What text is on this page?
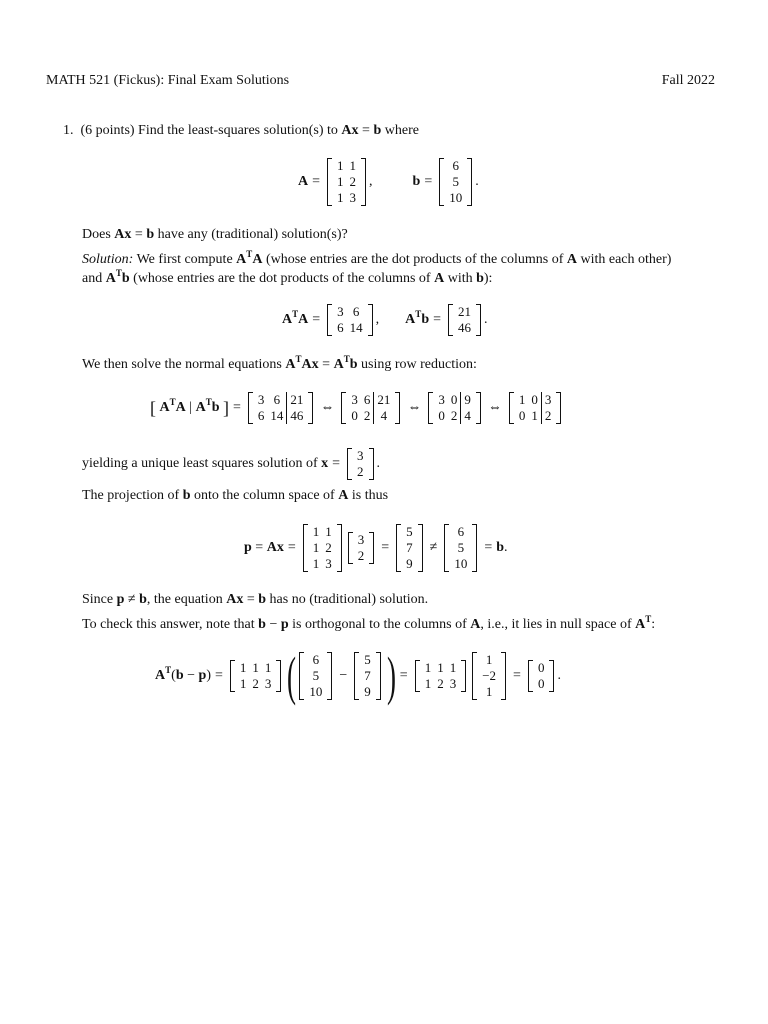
MATH 521 (Fickus): Final Exam Solutions	Fall 2022
1. (6 points) Find the least-squares solution(s) to Ax = b where
A =
1	1
1	2
1	3
,	b =
6
5
10
.
Does Ax = b have any (traditional) solution(s)?
Solution: We first compute $A^TA$ (whose entries are the dot products of the columns of A with each other)
and $A^Tb$ (whose entries are the dot products of the columns of A with b):
$A^TA$ =
3	6
6	14
, $A^Tb$ =
21
46
.
We then solve the normal equations $A^TAx = A^Tb$ using row reduction:
[
$A^TA$ | $A^Tb$
] =
3	6	21
6	14	46
⇔
3	6	21
0	2	4
⇔
3	0	9
0	2	4
⇔
1	0	3
0	1	2
yielding a unique least squares solution of
x =
3
2
.
The projection of b onto the column space of A is thus
p = Ax =
1	1
1	2
1	3
3
2
=
5
7
9
≠
6
5
10
= b .
Since p ≠ b, the equation Ax = b has no (traditional) solution.
To check this answer, note that b − p is orthogonal to the columns of A, i.e., it lies in null space of $A^T$:
$A^T$ ( b − p ) =
1	1	1
1	2	3 ( 6
5
10
−
5
7
9 ) =
1	1	1
1	2	3
1
−2
1
=
0
0
.
